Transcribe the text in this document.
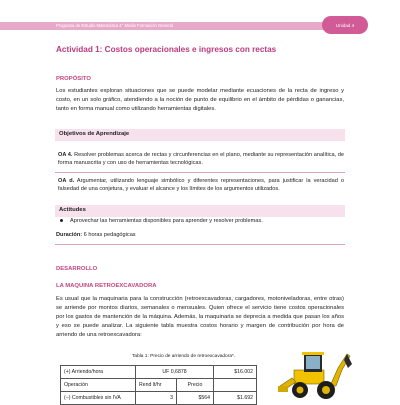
Programa de Estudio Matemática 4° Medio Formación General	Unidad 4
Actividad 1: Costos operacionales e ingresos con rectas
PROPÓSITO
Los estudiantes exploran situaciones que se puede modelar mediante ecuaciones de la recta de ingreso y costo, en un solo gráfico, atendiendo a la noción de punto de equilibrio en el ámbito de pérdidas o ganancias, tanto en forma manual como utilizando herramientas digitales.
Objetivos de Aprendizaje
OA 4. Resolver problemas acerca de rectas y circunferencias en el plano, mediante su representación analítica, de forma manuscrita y con uso de herramientas tecnológicas.
OA d. Argumentar, utilizando lenguaje simbólico y diferentes representaciones, para justificar la veracidad o falsedad de una conjetura, y evaluar el alcance y los límites de los argumentos utilizados.
Actitudes
Aprovechar las herramientas disponibles para aprender y resolver problemas.
Duración: 6 horas pedagógicas
DESARROLLO
LA MAQUINA RETROEXCAVADORA
Es usual que la maquinaria para la construcción (retroexcavadoras, cargadores, motoniveladoras, entre otras) se arriende por montos diarios, semanales o mensuales. Quien ofrece el servicio tiene costos operacionales por los gastos de mantención de la máquina. Además, la maquinaria se deprecia a medida que pasan los años y eso se puede analizar. La siguiente tabla muestra costos horario y margen de contribución por hora de arriendo de una retroexcavadora:
Tabla 1: Precio de arriendo de retroexcavadora*.
(+) Arriendo/hora	UF 0,6878		$16.002
Operación	Rend lt/hr	Precio	
(−) Combustibles sin IVA	3	$564	$1.692
